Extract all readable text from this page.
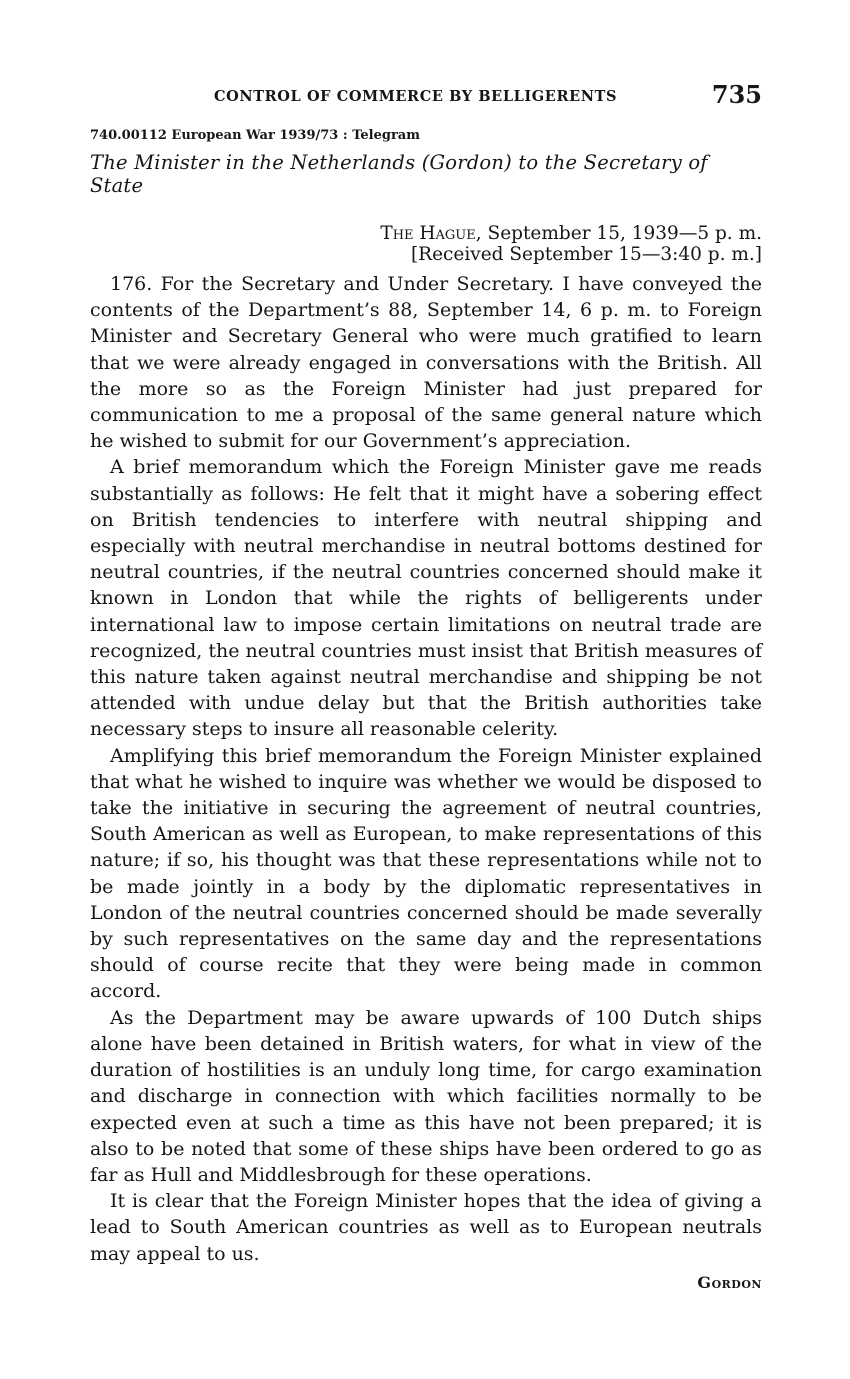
CONTROL OF COMMERCE BY BELLIGERENTS	735
740.00112 European War 1939/73 : Telegram
The Minister in the Netherlands (Gordon) to the Secretary of State
The Hague, September 15, 1939—5 p. m.
[Received September 15—3:40 p. m.]

176. For the Secretary and Under Secretary. I have conveyed the contents of the Department’s 88, September 14, 6 p. m. to Foreign Minister and Secretary General who were much gratified to learn that we were already engaged in conversations with the British. All the more so as the Foreign Minister had just prepared for communication to me a proposal of the same general nature which he wished to submit for our Government’s appreciation.

A brief memorandum which the Foreign Minister gave me reads substantially as follows: He felt that it might have a sobering effect on British tendencies to interfere with neutral shipping and especially with neutral merchandise in neutral bottoms destined for neutral countries, if the neutral countries concerned should make it known in London that while the rights of belligerents under international law to impose certain limitations on neutral trade are recognized, the neutral countries must insist that British measures of this nature taken against neutral merchandise and shipping be not attended with undue delay but that the British authorities take necessary steps to insure all reasonable celerity.

Amplifying this brief memorandum the Foreign Minister explained that what he wished to inquire was whether we would be disposed to take the initiative in securing the agreement of neutral countries, South American as well as European, to make representations of this nature; if so, his thought was that these representations while not to be made jointly in a body by the diplomatic representatives in London of the neutral countries concerned should be made severally by such representatives on the same day and the representations should of course recite that they were being made in common accord.

As the Department may be aware upwards of 100 Dutch ships alone have been detained in British waters, for what in view of the duration of hostilities is an unduly long time, for cargo examination and discharge in connection with which facilities normally to be expected even at such a time as this have not been prepared; it is also to be noted that some of these ships have been ordered to go as far as Hull and Middlesbrough for these operations.

It is clear that the Foreign Minister hopes that the idea of giving a lead to South American countries as well as to European neutrals may appeal to us.

Gordon
